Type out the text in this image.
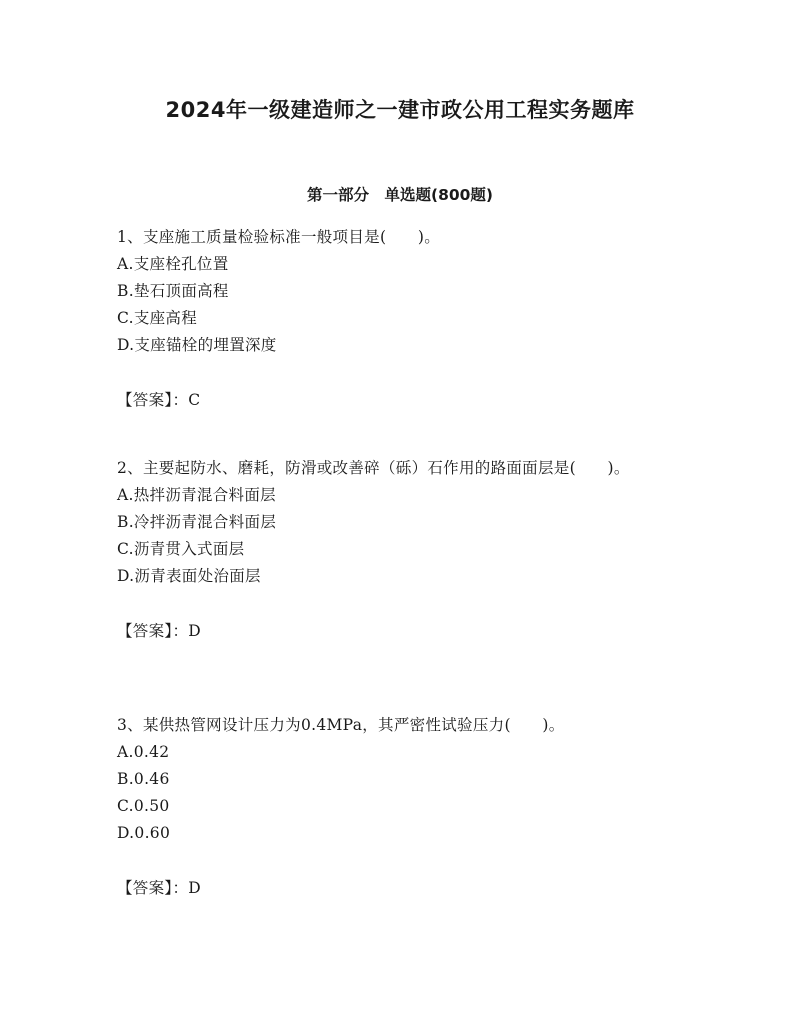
2024年一级建造师之一建市政公用工程实务题库
第一部分　单选题(800题)

1、支座施工质量检验标准一般项目是(　　)。

A.支座栓孔位置
B.垫石顶面高程
C.支座高程
D.支座锚栓的埋置深度
【答案】：C

2、主要起防水、磨耗，防滑或改善碎（砾）石作用的路面面层是(　　)。

A.热拌沥青混合料面层
B.冷拌沥青混合料面层
C.沥青贯入式面层
D.沥青表面处治面层
【答案】：D

3、某供热管网设计压力为0.4MPa，其严密性试验压力(　　)。

A.0.42
B.0.46
C.0.50
D.0.60
【答案】：D
